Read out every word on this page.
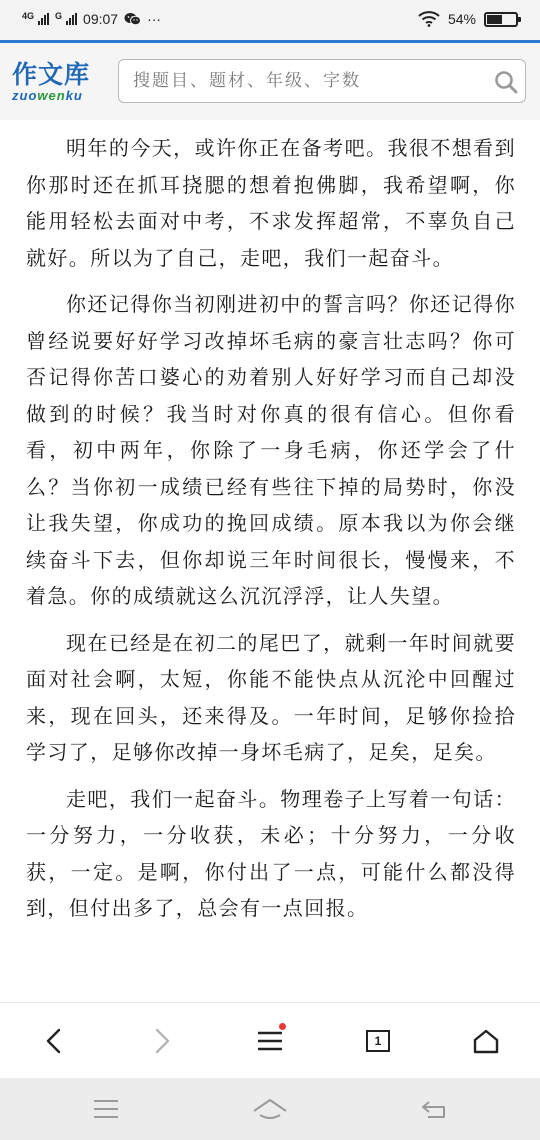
4G G 09:07 ···	54%
作文库
zuowenku
搜题目、题材、年级、字数

明年的今天，或许你正在备考吧。我很不想看到你那时还在抓耳挠腮的想着抱佛脚，我希望啊，你能用轻松去面对中考，不求发挥超常，不辜负自己就好。所以为了自己，走吧，我们一起奋斗。

你还记得你当初刚进初中的誓言吗？你还记得你曾经说要好好学习改掉坏毛病的豪言壮志吗？你可否记得你苦口婆心的劝着别人好好学习而自己却没做到的时候？我当时对你真的很有信心。但你看看，初中两年，你除了一身毛病，你还学会了什么？当你初一成绩已经有些往下掉的局势时，你没让我失望，你成功的挽回成绩。原本我以为你会继续奋斗下去，但你却说三年时间很长，慢慢来，不着急。你的成绩就这么沉沉浮浮，让人失望。

现在已经是在初二的尾巴了，就剩一年时间就要面对社会啊，太短，你能不能快点从沉沦中回醒过来，现在回头，还来得及。一年时间，足够你捡拾学习了，足够你改掉一身坏毛病了，足矣，足矣。

走吧，我们一起奋斗。物理卷子上写着一句话：一分努力，一分收获，未必；十分努力，一分收获，一定。是啊，你付出了一点，可能什么都没得到，但付出多了，总会有一点回报。

1
